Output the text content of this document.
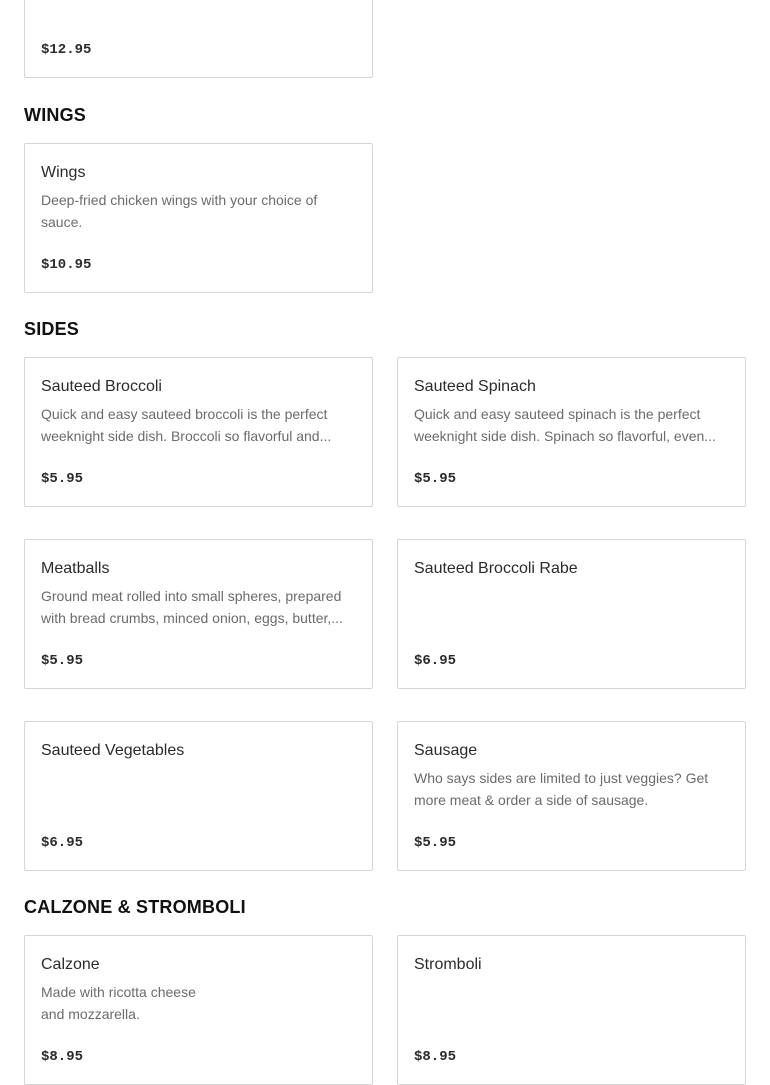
$12.95
WINGS
Wings
Deep-fried chicken wings with your choice of sauce.
$10.95
SIDES
Sauteed Broccoli
Quick and easy sauteed broccoli is the perfect weeknight side dish. Broccoli so flavorful and...
$5.95
Sauteed Spinach
Quick and easy sauteed spinach is the perfect weeknight side dish. Spinach so flavorful, even...
$5.95
Meatballs
Ground meat rolled into small spheres, prepared with bread crumbs, minced onion, eggs, butter,...
$5.95
Sauteed Broccoli Rabe
$6.95
Sauteed Vegetables
$6.95
Sausage
Who says sides are limited to just veggies? Get more meat & order a side of sausage.
$5.95
CALZONE & STROMBOLI
Calzone
Made with ricotta cheese
and mozzarella.
$8.95
Stromboli
$8.95
